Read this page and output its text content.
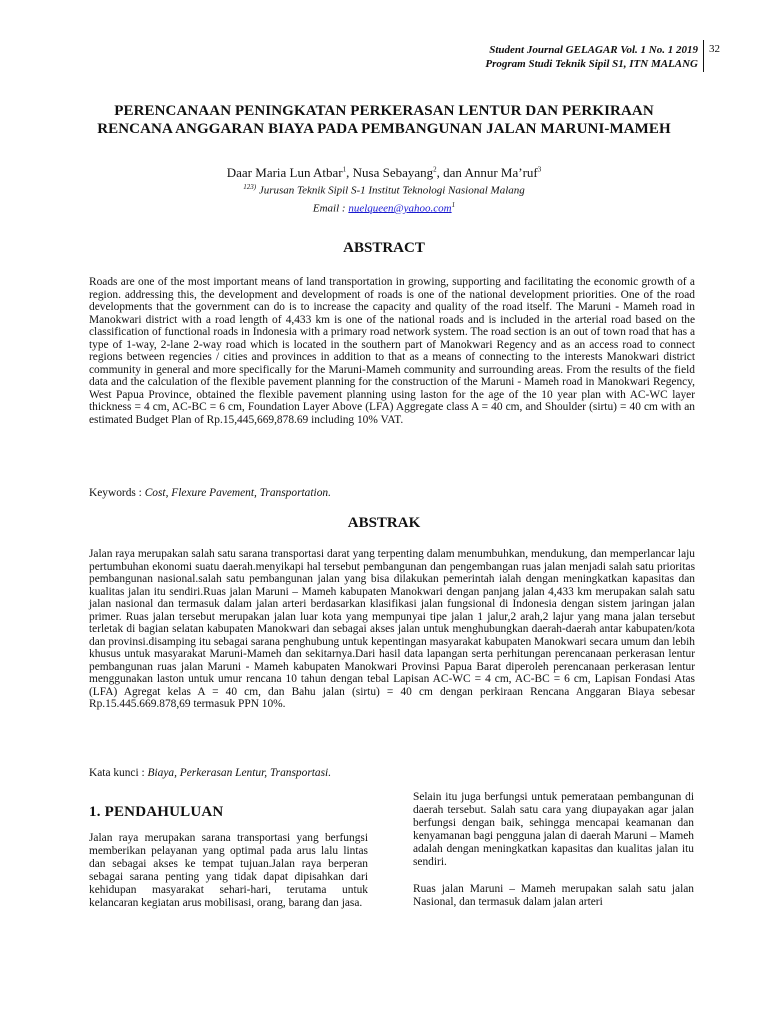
Student Journal GELAGAR Vol. 1 No. 1 2019
Program Studi Teknik Sipil S1, ITN MALANG
32
PERENCANAAN PENINGKATAN PERKERASAN LENTUR DAN PERKIRAAN
RENCANA ANGGARAN BIAYA PADA PEMBANGUNAN JALAN MARUNI-MAMEH
Daar Maria Lun Atbar$^1$, Nusa Sebayang$^2$, dan Annur Ma’ruf$^3$
$^{123)}$ Jurusan Teknik Sipil S-1 Institut Teknologi Nasional Malang
Email : nuelqueen@yahoo.com$^1$
ABSTRACT
Roads are one of the most important means of land transportation in growing, supporting and facilitating the economic growth of a region. addressing this, the development and development of roads is one of the national development priorities. One of the road developments that the government can do is to increase the capacity and quality of the road itself. The Maruni - Mameh road in Manokwari district with a road length of 4,433 km is one of the national roads and is included in the arterial road based on the classification of functional roads in Indonesia with a primary road network system. The road section is an out of town road that has a type of 1-way, 2-lane 2-way road which is located in the southern part of Manokwari Regency and as an access road to connect regions between regencies / cities and provinces in addition to that as a means of connecting to the interests Manokwari district community in general and more specifically for the Maruni-Mameh community and surrounding areas. From the results of the field data and the calculation of the flexible pavement planning for the construction of the Maruni - Mameh road in Manokwari Regency, West Papua Province, obtained the flexible pavement planning using laston for the age of the 10 year plan with AC-WC layer thickness = 4 cm, AC-BC = 6 cm, Foundation Layer Above (LFA) Aggregate class A = 40 cm, and Shoulder (sirtu) = 40 cm with an estimated Budget Plan of Rp.15,445,669,878.69 including 10% VAT.
Keywords : Cost, Flexure Pavement, Transportation.
ABSTRAK
Jalan raya merupakan salah satu sarana transportasi darat yang terpenting dalam menumbuhkan, mendukung, dan memperlancar laju pertumbuhan ekonomi suatu daerah.menyikapi hal tersebut pembangunan dan pengembangan ruas jalan menjadi salah satu prioritas pembangunan nasional.salah satu pembangunan jalan yang bisa dilakukan pemerintah ialah dengan meningkatkan kapasitas dan kualitas jalan itu sendiri.Ruas jalan Maruni – Mameh kabupaten Manokwari dengan panjang jalan 4,433 km merupakan salah satu jalan nasional dan termasuk dalam jalan arteri berdasarkan klasifikasi jalan fungsional di Indonesia dengan sistem jaringan jalan primer. Ruas jalan tersebut merupakan jalan luar kota yang mempunyai tipe jalan 1 jalur,2 arah,2 lajur yang mana jalan tersebut terletak di bagian selatan kabupaten Manokwari dan sebagai akses jalan untuk menghubungkan daerah-daerah antar kabupaten/kota dan provinsi.disamping itu sebagai sarana penghubung untuk kepentingan masyarakat kabupaten Manokwari secara umum dan lebih khusus untuk masyarakat Maruni-Mameh dan sekitarnya.Dari hasil data lapangan serta perhitungan perencanaan perkerasan lentur pembangunan ruas jalan Maruni - Mameh kabupaten Manokwari Provinsi Papua Barat diperoleh perencanaan perkerasan lentur menggunakan laston untuk umur rencana 10 tahun dengan tebal Lapisan AC-WC = 4 cm, AC-BC = 6 cm, Lapisan Fondasi Atas (LFA) Agregat kelas A = 40 cm, dan Bahu jalan (sirtu) = 40 cm dengan perkiraan Rencana Anggaran Biaya sebesar Rp.15.445.669.878,69 termasuk PPN 10%.
Kata kunci : Biaya, Perkerasan Lentur, Transportasi.
1. PENDAHULUAN
Jalan raya merupakan sarana transportasi yang berfungsi memberikan pelayanan yang optimal pada arus lalu lintas dan sebagai akses ke tempat tujuan.Jalan raya berperan sebagai sarana penting yang tidak dapat dipisahkan dari kehidupan masyarakat sehari-hari, terutama untuk kelancaran kegiatan arus mobilisasi, orang, barang dan jasa.

Selain itu juga berfungsi untuk pemerataan pembangunan di daerah tersebut. Salah satu cara yang diupayakan agar jalan berfungsi dengan baik, sehingga mencapai keamanan dan kenyamanan bagi pengguna jalan di daerah Maruni – Mameh adalah dengan meningkatkan kapasitas dan kualitas jalan itu sendiri.

Ruas jalan Maruni – Mameh merupakan salah satu jalan Nasional, dan termasuk dalam jalan arteri
